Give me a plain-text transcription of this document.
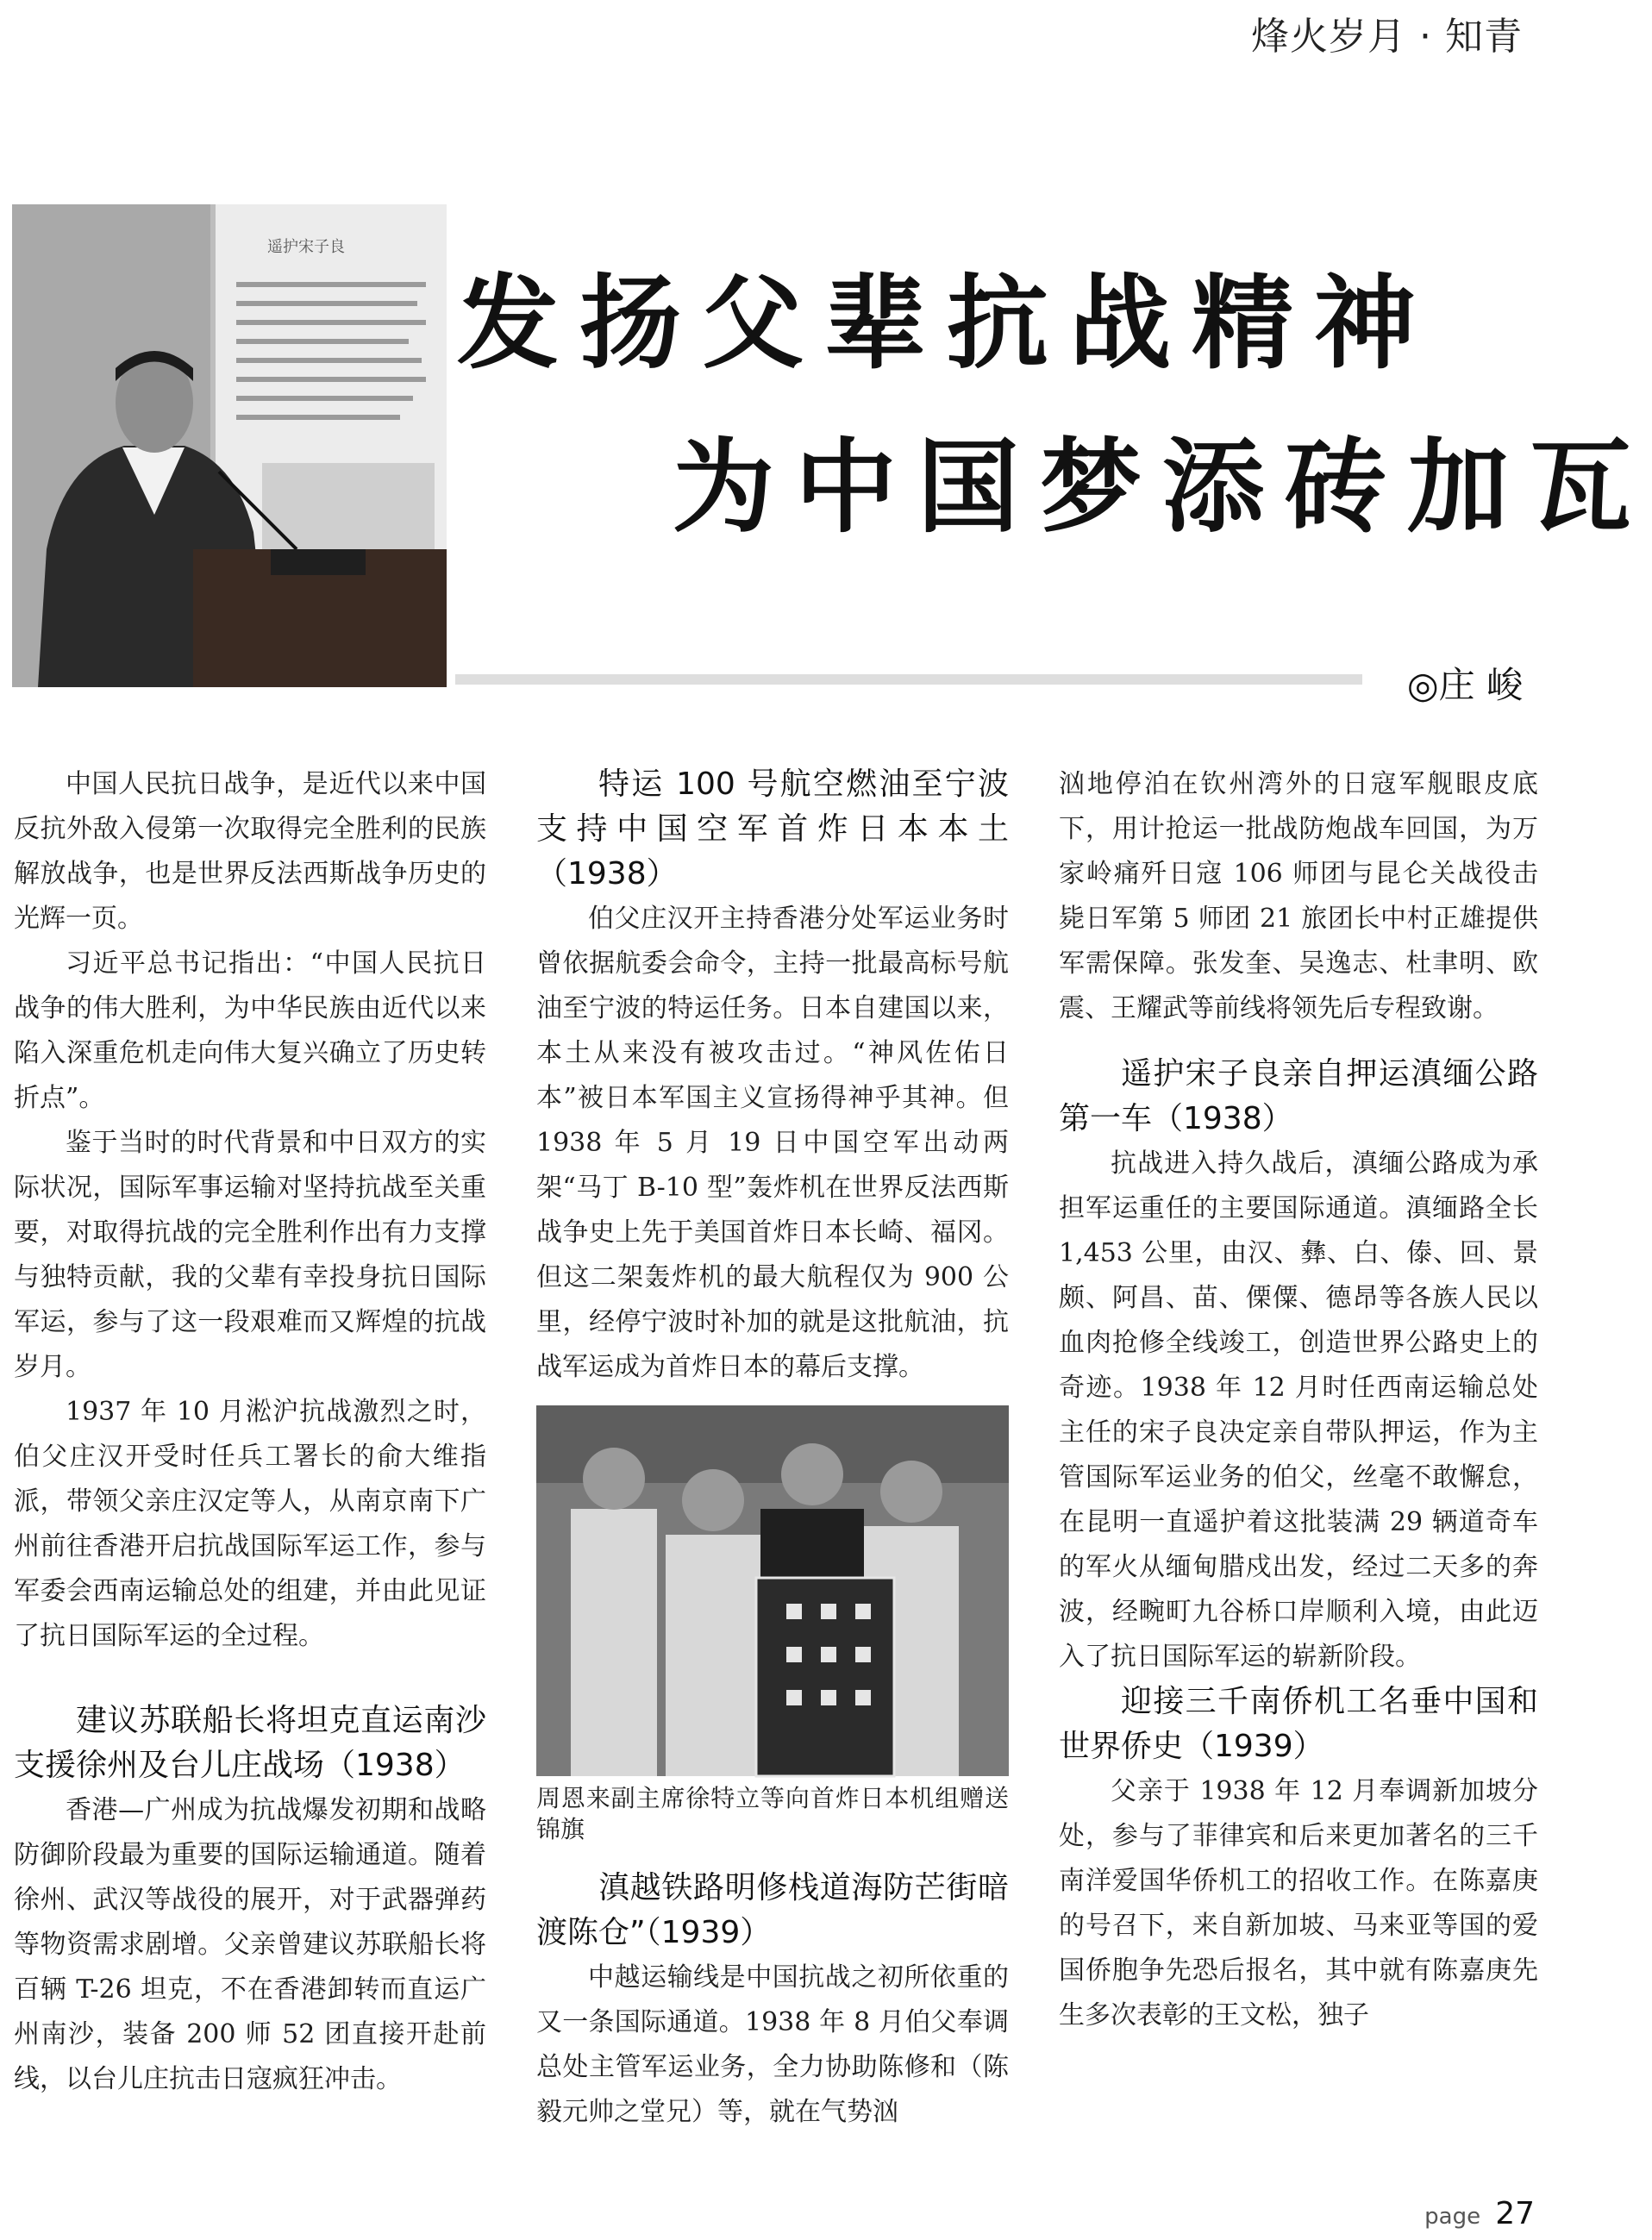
烽火岁月 · 知青
遥护宋子良
发扬父辈抗战精神
为中国梦添砖加瓦
◎庄 峻

中国人民抗日战争，是近代以来中国反抗外敌入侵第一次取得完全胜利的民族解放战争，也是世界反法西斯战争历史的光辉一页。

习近平总书记指出：“中国人民抗日战争的伟大胜利，为中华民族由近代以来陷入深重危机走向伟大复兴确立了历史转折点”。

鉴于当时的时代背景和中日双方的实际状况，国际军事运输对坚持抗战至关重要，对取得抗战的完全胜利作出有力支撑与独特贡献，我的父辈有幸投身抗日国际军运，参与了这一段艰难而又辉煌的抗战岁月。

1937 年 10 月淞沪抗战激烈之时，伯父庄汉开受时任兵工署长的俞大维指派，带领父亲庄汉定等人，从南京南下广州前往香港开启抗战国际军运工作，参与军委会西南运输总处的组建，并由此见证了抗日国际军运的全过程。

建议苏联船长将坦克直运南沙支援徐州及台儿庄战场（1938）

香港—广州成为抗战爆发初期和战略防御阶段最为重要的国际运输通道。随着徐州、武汉等战役的展开，对于武器弹药等物资需求剧增。父亲曾建议苏联船长将百辆 T-26 坦克，不在香港卸转而直运广州南沙，装备 200 师 52 团直接开赴前线，以台儿庄抗击日寇疯狂冲击。

特运 100 号航空燃油至宁波支持中国空军首炸日本本土（1938）

伯父庄汉开主持香港分处军运业务时曾依据航委会命令，主持一批最高标号航油至宁波的特运任务。日本自建国以来，本土从来没有被攻击过。“神风佐佑日本”被日本军国主义宣扬得神乎其神。但 1938 年 5 月 19 日中国空军出动两架“马丁 B-10 型”轰炸机在世界反法西斯战争史上先于美国首炸日本长崎、福冈。但这二架轰炸机的最大航程仅为 900 公里，经停宁波时补加的就是这批航油，抗战军运成为首炸日本的幕后支撑。

周恩来副主席徐特立等向首炸日本机组赠送锦旗

滇越铁路明修栈道海防芒街暗渡陈仓”（1939）

中越运输线是中国抗战之初所依重的又一条国际通道。1938 年 8 月伯父奉调总处主管军运业务，全力协助陈修和（陈毅元帅之堂兄）等，就在气势汹

汹地停泊在钦州湾外的日寇军舰眼皮底下，用计抢运一批战防炮战车回国，为万家岭痛歼日寇 106 师团与昆仑关战役击毙日军第 5 师团 21 旅团长中村正雄提供军需保障。张发奎、吴逸志、杜聿明、欧震、王耀武等前线将领先后专程致谢。

遥护宋子良亲自押运滇缅公路第一车（1938）

抗战进入持久战后，滇缅公路成为承担军运重任的主要国际通道。滇缅路全长 1,453 公里，由汉、彝、白、傣、回、景颇、阿昌、苗、傈僳、德昂等各族人民以血肉抢修全线竣工，创造世界公路史上的奇迹。1938 年 12 月时任西南运输总处主任的宋子良决定亲自带队押运，作为主管国际军运业务的伯父，丝毫不敢懈怠，在昆明一直遥护着这批装满 29 辆道奇车的军火从缅甸腊戍出发，经过二天多的奔波，经畹町九谷桥口岸顺利入境，由此迈入了抗日国际军运的崭新阶段。

迎接三千南侨机工名垂中国和世界侨史（1939）

父亲于 1938 年 12 月奉调新加坡分处，参与了菲律宾和后来更加著名的三千南洋爱国华侨机工的招收工作。在陈嘉庚的号召下，来自新加坡、马来亚等国的爱国侨胞争先恐后报名，其中就有陈嘉庚先生多次表彰的王文松，独子

page 27
